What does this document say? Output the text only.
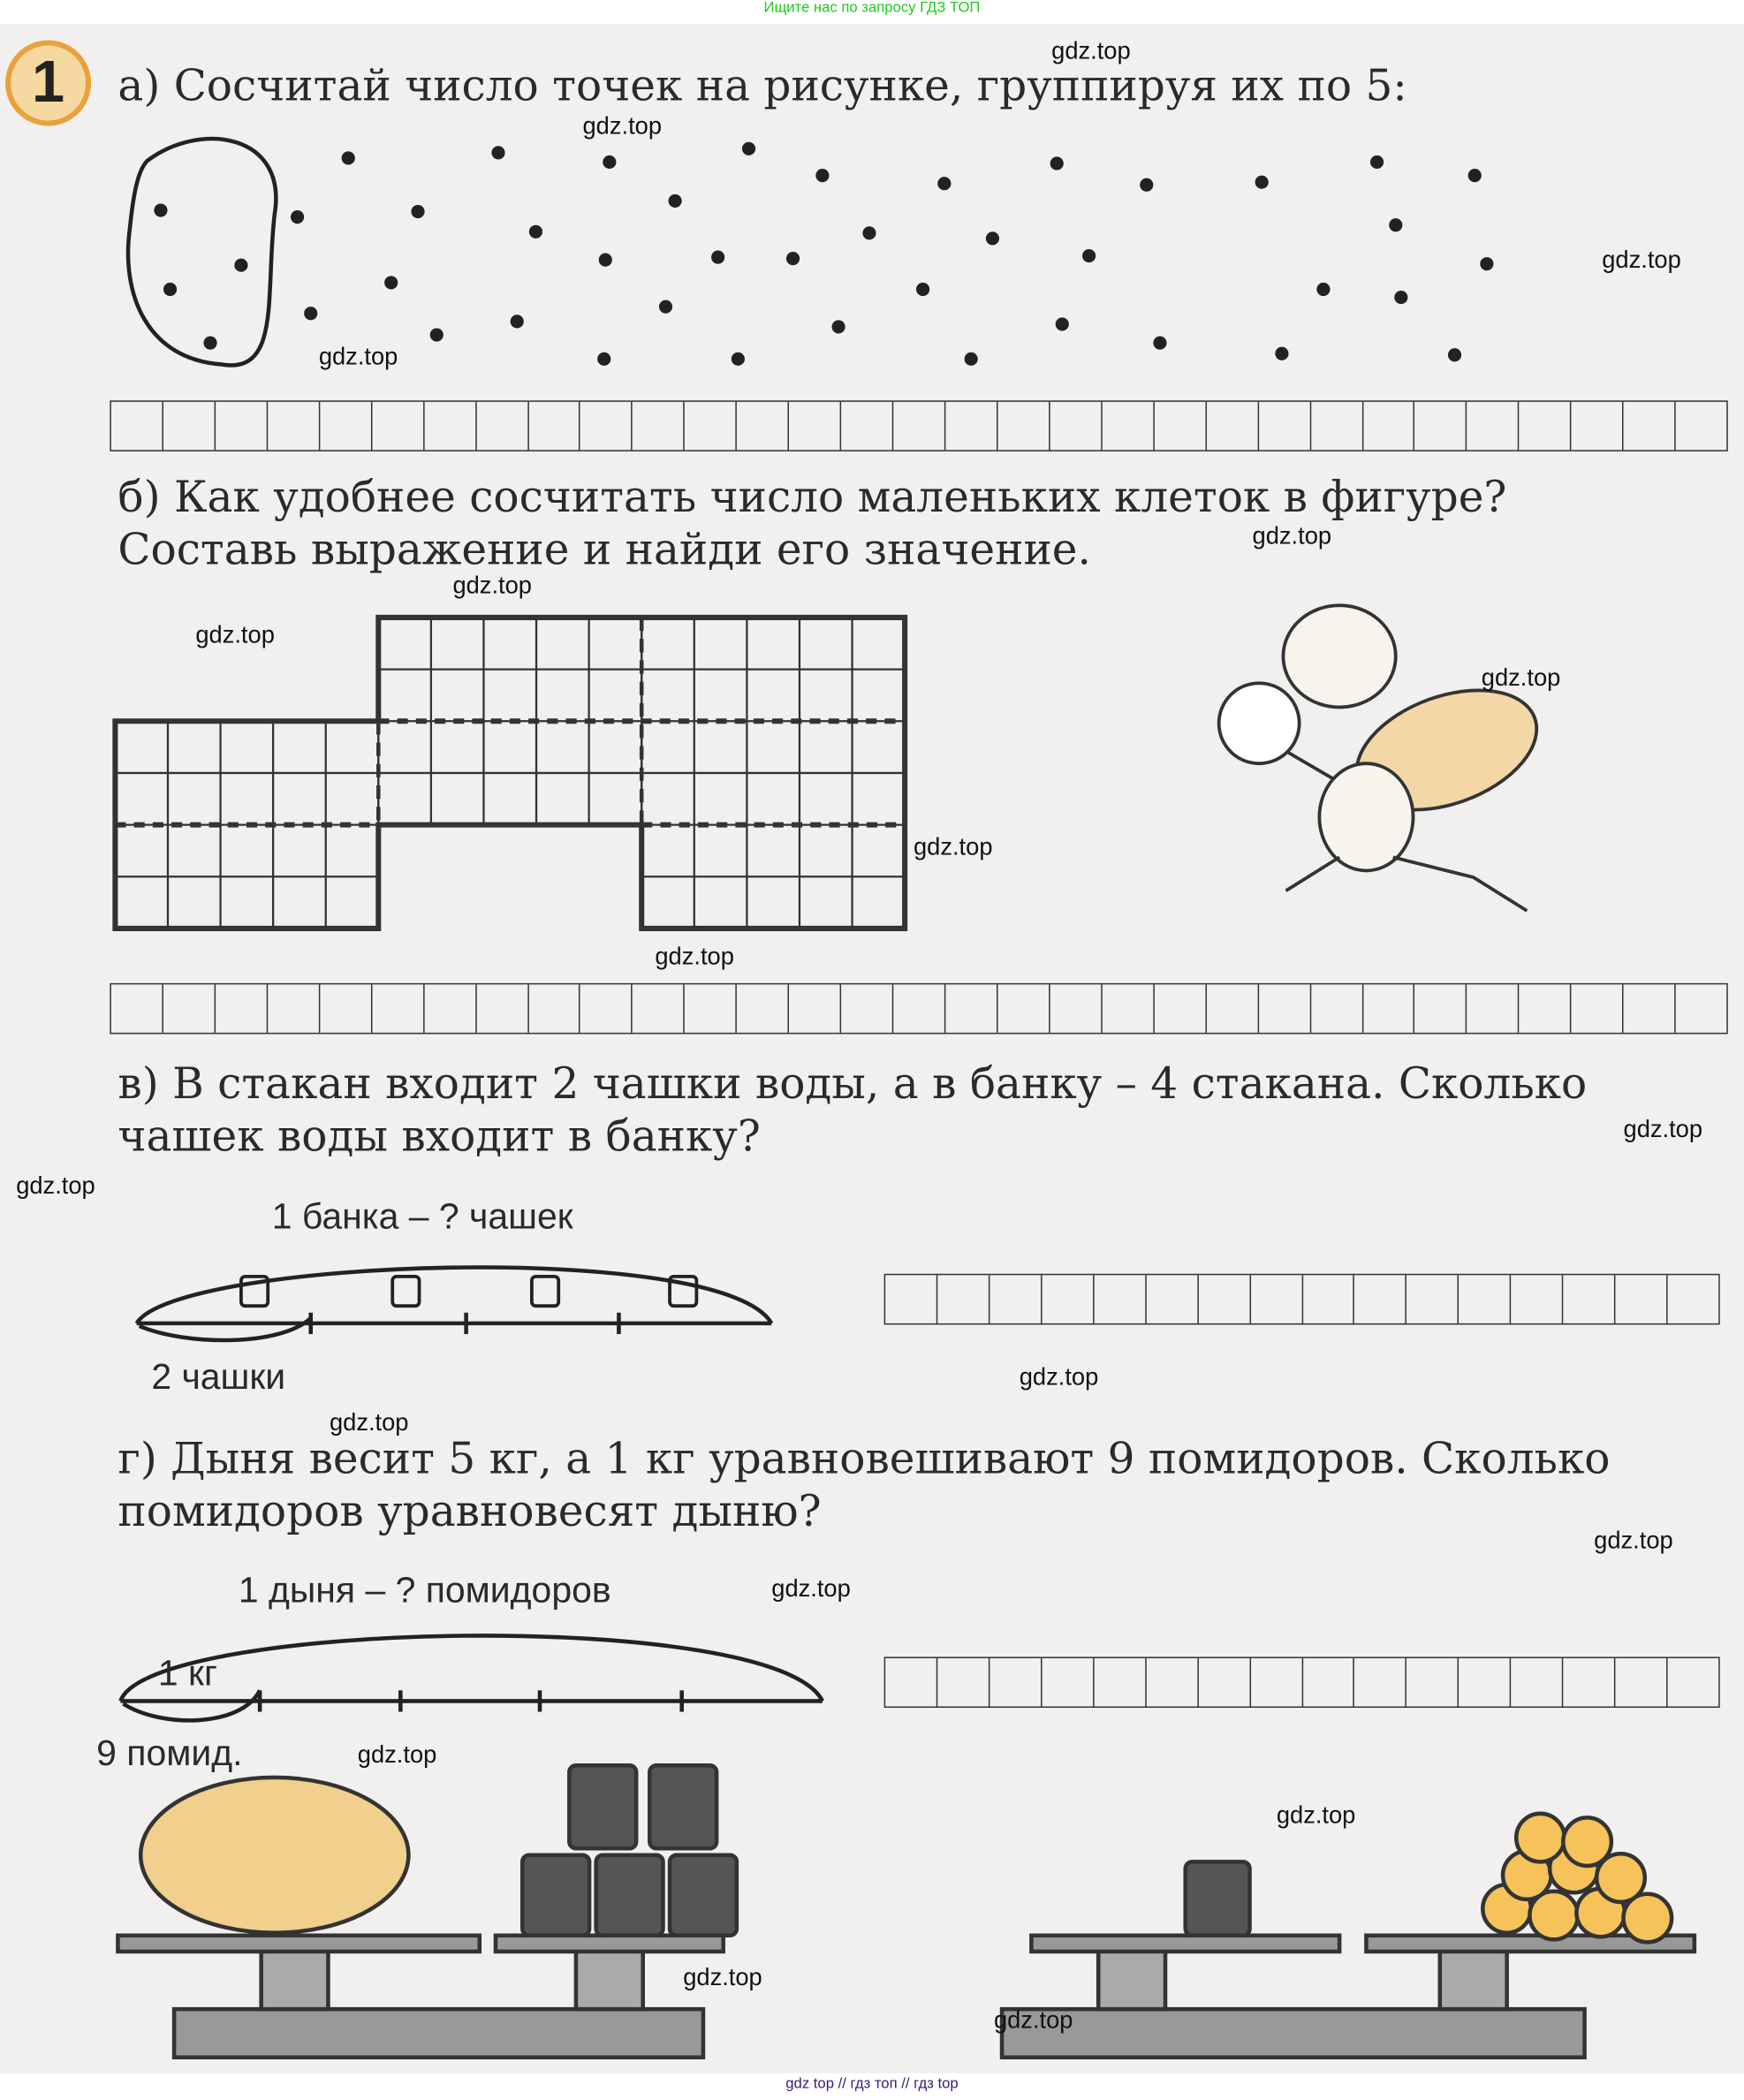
Ищите нас по запросу ГДЗ ТОП
1	а) Сосчитай число точек на рисунке, группируя их по 5:
б) Как удобнее сосчитать число маленьких клеток в фигуре?
Составь выражение и найди его значение.
в) В стакан входит 2 чашки воды, а в банку – 4 стакана. Сколько
чашек воды входит в банку?
1 банка – ? чашек
2 чашки
г) Дыня весит 5 кг, а 1 кг уравновешивают 9 помидоров. Сколько
помидоров уравновесят дыню?
1 дыня – ? помидоров
1 кг
9 помид.
gdz.top
gdz.top
gdz.top
gdz.top
gdz.top
gdz.top
gdz.top
gdz.top
gdz.top
gdz.top
gdz.top
gdz.top
gdz.top
gdz.top
gdz.top
gdz.top
gdz.top
gdz.top
gdz.top
gdz.top
gdz top // гдз топ // гдз top
